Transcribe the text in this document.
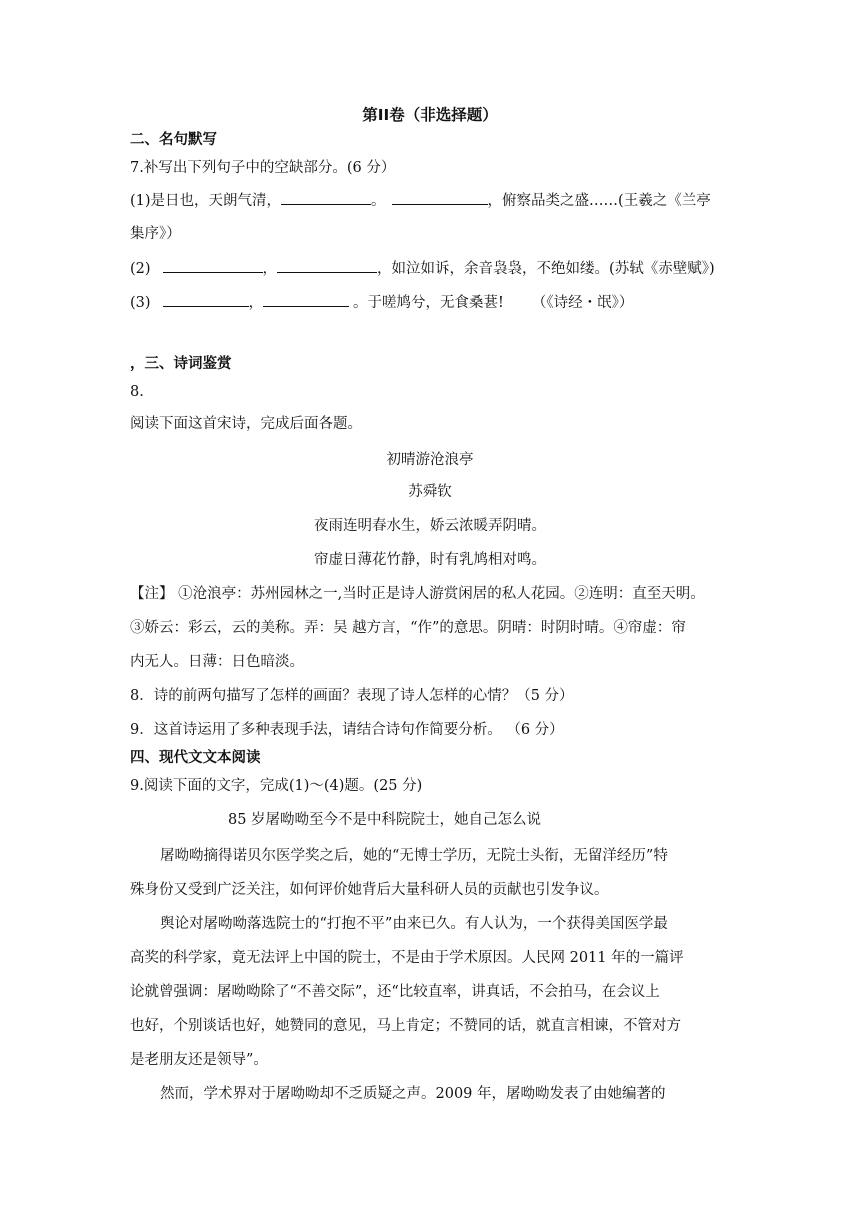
第II卷（非选择题）
二、名句默写
7.补写出下列句子中的空缺部分。(6 分）
(1)是日也，天朗气清，	。	，俯察品类之盛……(王羲之《兰亭
集序》）
(2)	，	，如泣如诉，余音袅袅，不绝如缕。(苏轼《赤壁赋》)
(3)	，	。于嗟鸠兮，无食桑葚! （《诗经・氓》）
，三、诗词鉴赏
8.
阅读下面这首宋诗，完成后面各题。
初晴游沧浪亭
苏舜钦
夜雨连明春水生，娇云浓暖弄阴晴。
帘虚日薄花竹静，时有乳鸠相对鸣。
【注】 ①沧浪亭：苏州园林之一,当时正是诗人游赏闲居的私人花园。②连明：直至天明。
③娇云：彩云，云的美称。弄：吴 越方言，“作”的意思。阴晴：时阴时晴。④帘虚：帘
内无人。日薄：日色暗淡。
8．诗的前两句描写了怎样的画面？表现了诗人怎样的心情？（5 分）
9．这首诗运用了多种表现手法，请结合诗句作简要分析。 （6 分）
四、现代文文本阅读
9.阅读下面的文字，完成(1)～(4)题。(25 分)
85 岁屠呦呦至今不是中科院院士，她自己怎么说
屠呦呦摘得诺贝尔医学奖之后，她的“无博士学历，无院士头衔，无留洋经历”特
殊身份又受到广泛关注，如何评价她背后大量科研人员的贡献也引发争议。
舆论对屠呦呦落选院士的“打抱不平”由来已久。有人认为，一个获得美国医学最
高奖的科学家，竟无法评上中国的院士，不是由于学术原因。人民网 2011 年的一篇评
论就曾强调：屠呦呦除了“不善交际”，还“比较直率，讲真话，不会拍马，在会议上
也好，个别谈话也好，她赞同的意见，马上肯定；不赞同的话，就直言相谏，不管对方
是老朋友还是领导”。
然而，学术界对于屠呦呦却不乏质疑之声。2009 年，屠呦呦发表了由她编著的
